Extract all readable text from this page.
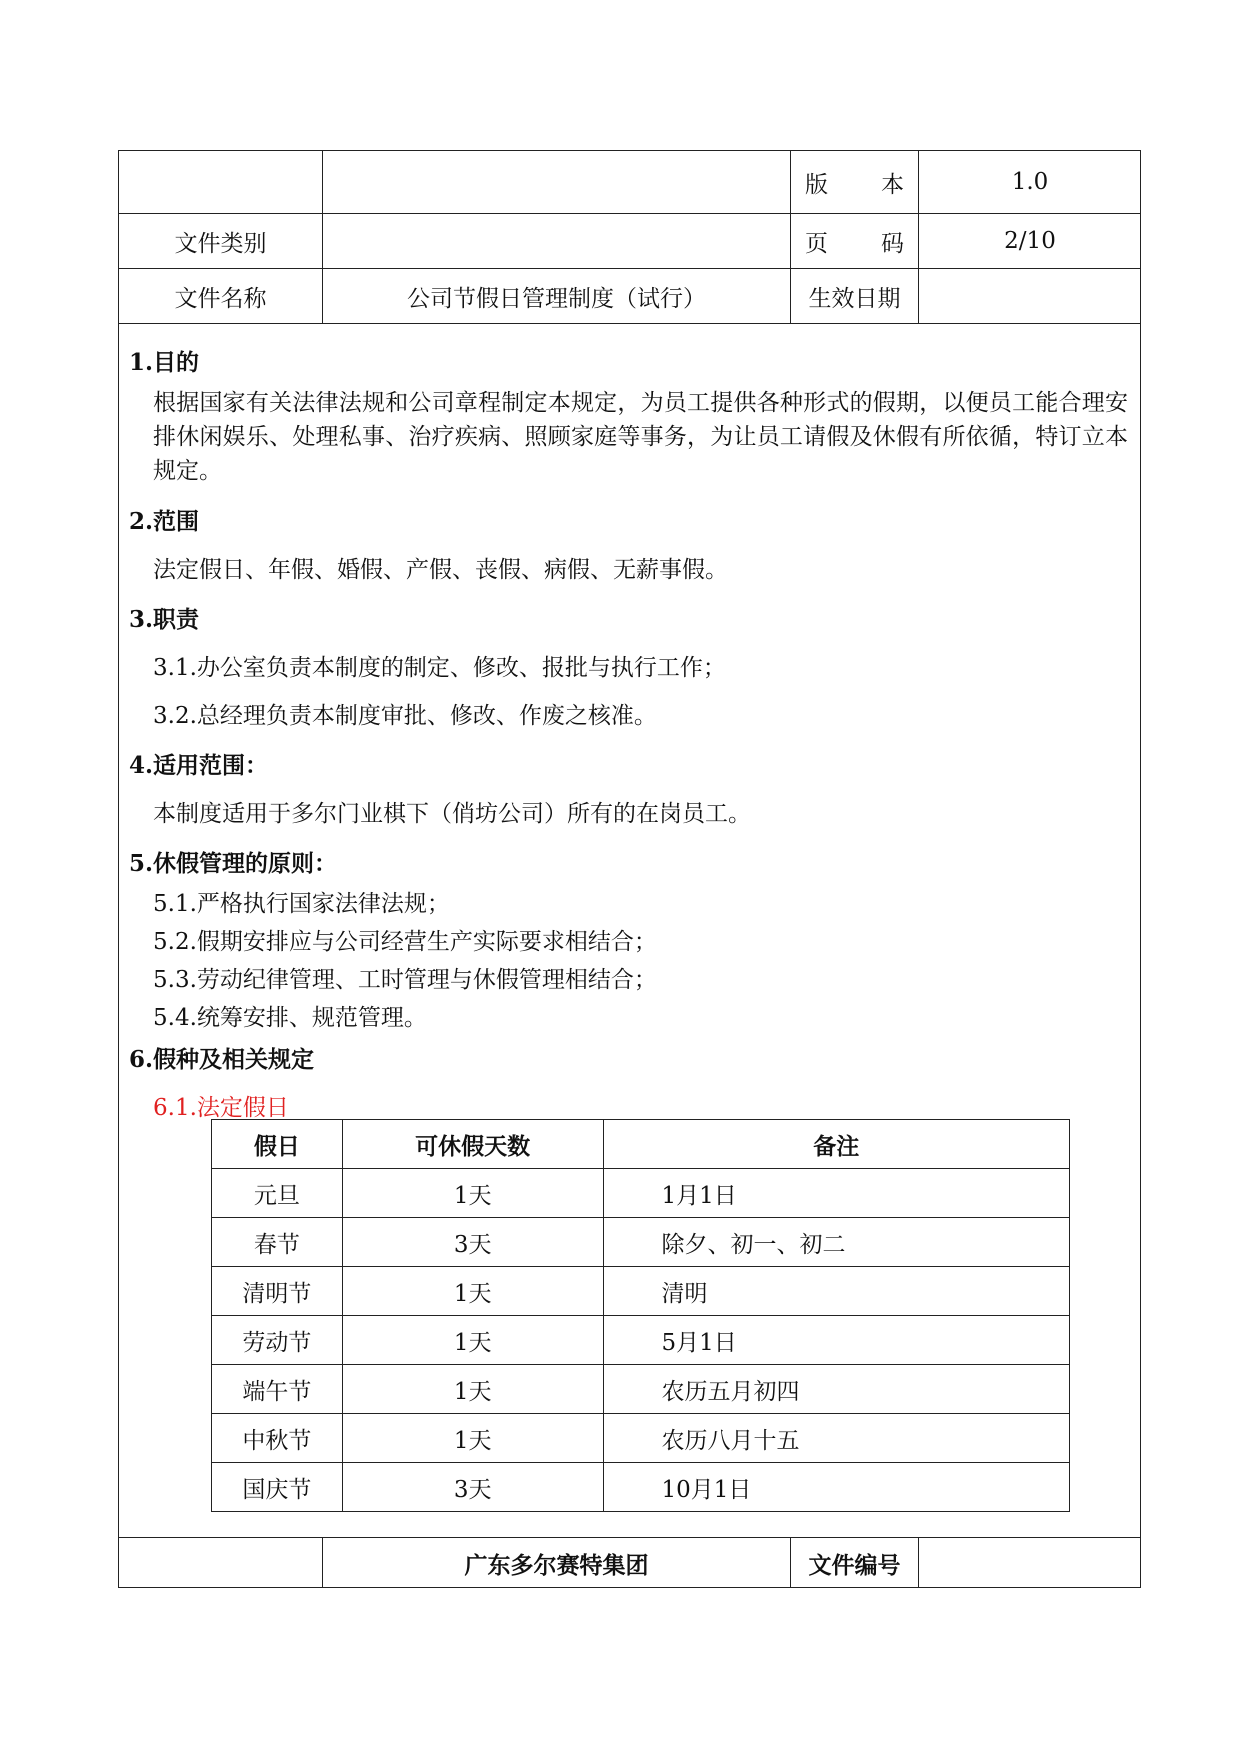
版 本	1.0
文件类别	页 码	2/10
文件名称	公司节假日管理制度（试行）	生效日期
1.目的
根据国家有关法律法规和公司章程制定本规定，为员工提供各种形式的假期，以便员工能合理安排休闲娱乐、处理私事、治疗疾病、照顾家庭等事务，为让员工请假及休假有所依循，特订立本规定。
2.范围
法定假日、年假、婚假、产假、丧假、病假、无薪事假。
3.职责
3.1.办公室负责本制度的制定、修改、报批与执行工作；
3.2.总经理负责本制度审批、修改、作废之核准。
4.适用范围：
本制度适用于多尔门业棋下（俏坊公司）所有的在岗员工。
5.休假管理的原则：
5.1.严格执行国家法律法规；
5.2.假期安排应与公司经营生产实际要求相结合；
5.3.劳动纪律管理、工时管理与休假管理相结合；
5.4.统筹安排、规范管理。
6.假种及相关规定
6.1.法定假日
假日	可休假天数	备注
元旦	1天	1月1日
春节	3天	除夕、初一、初二
清明节	1天	清明
劳动节	1天	5月1日
端午节	1天	农历五月初四
中秋节	1天	农历八月十五
国庆节	3天	10月1日
广东多尔赛特集团	文件编号
